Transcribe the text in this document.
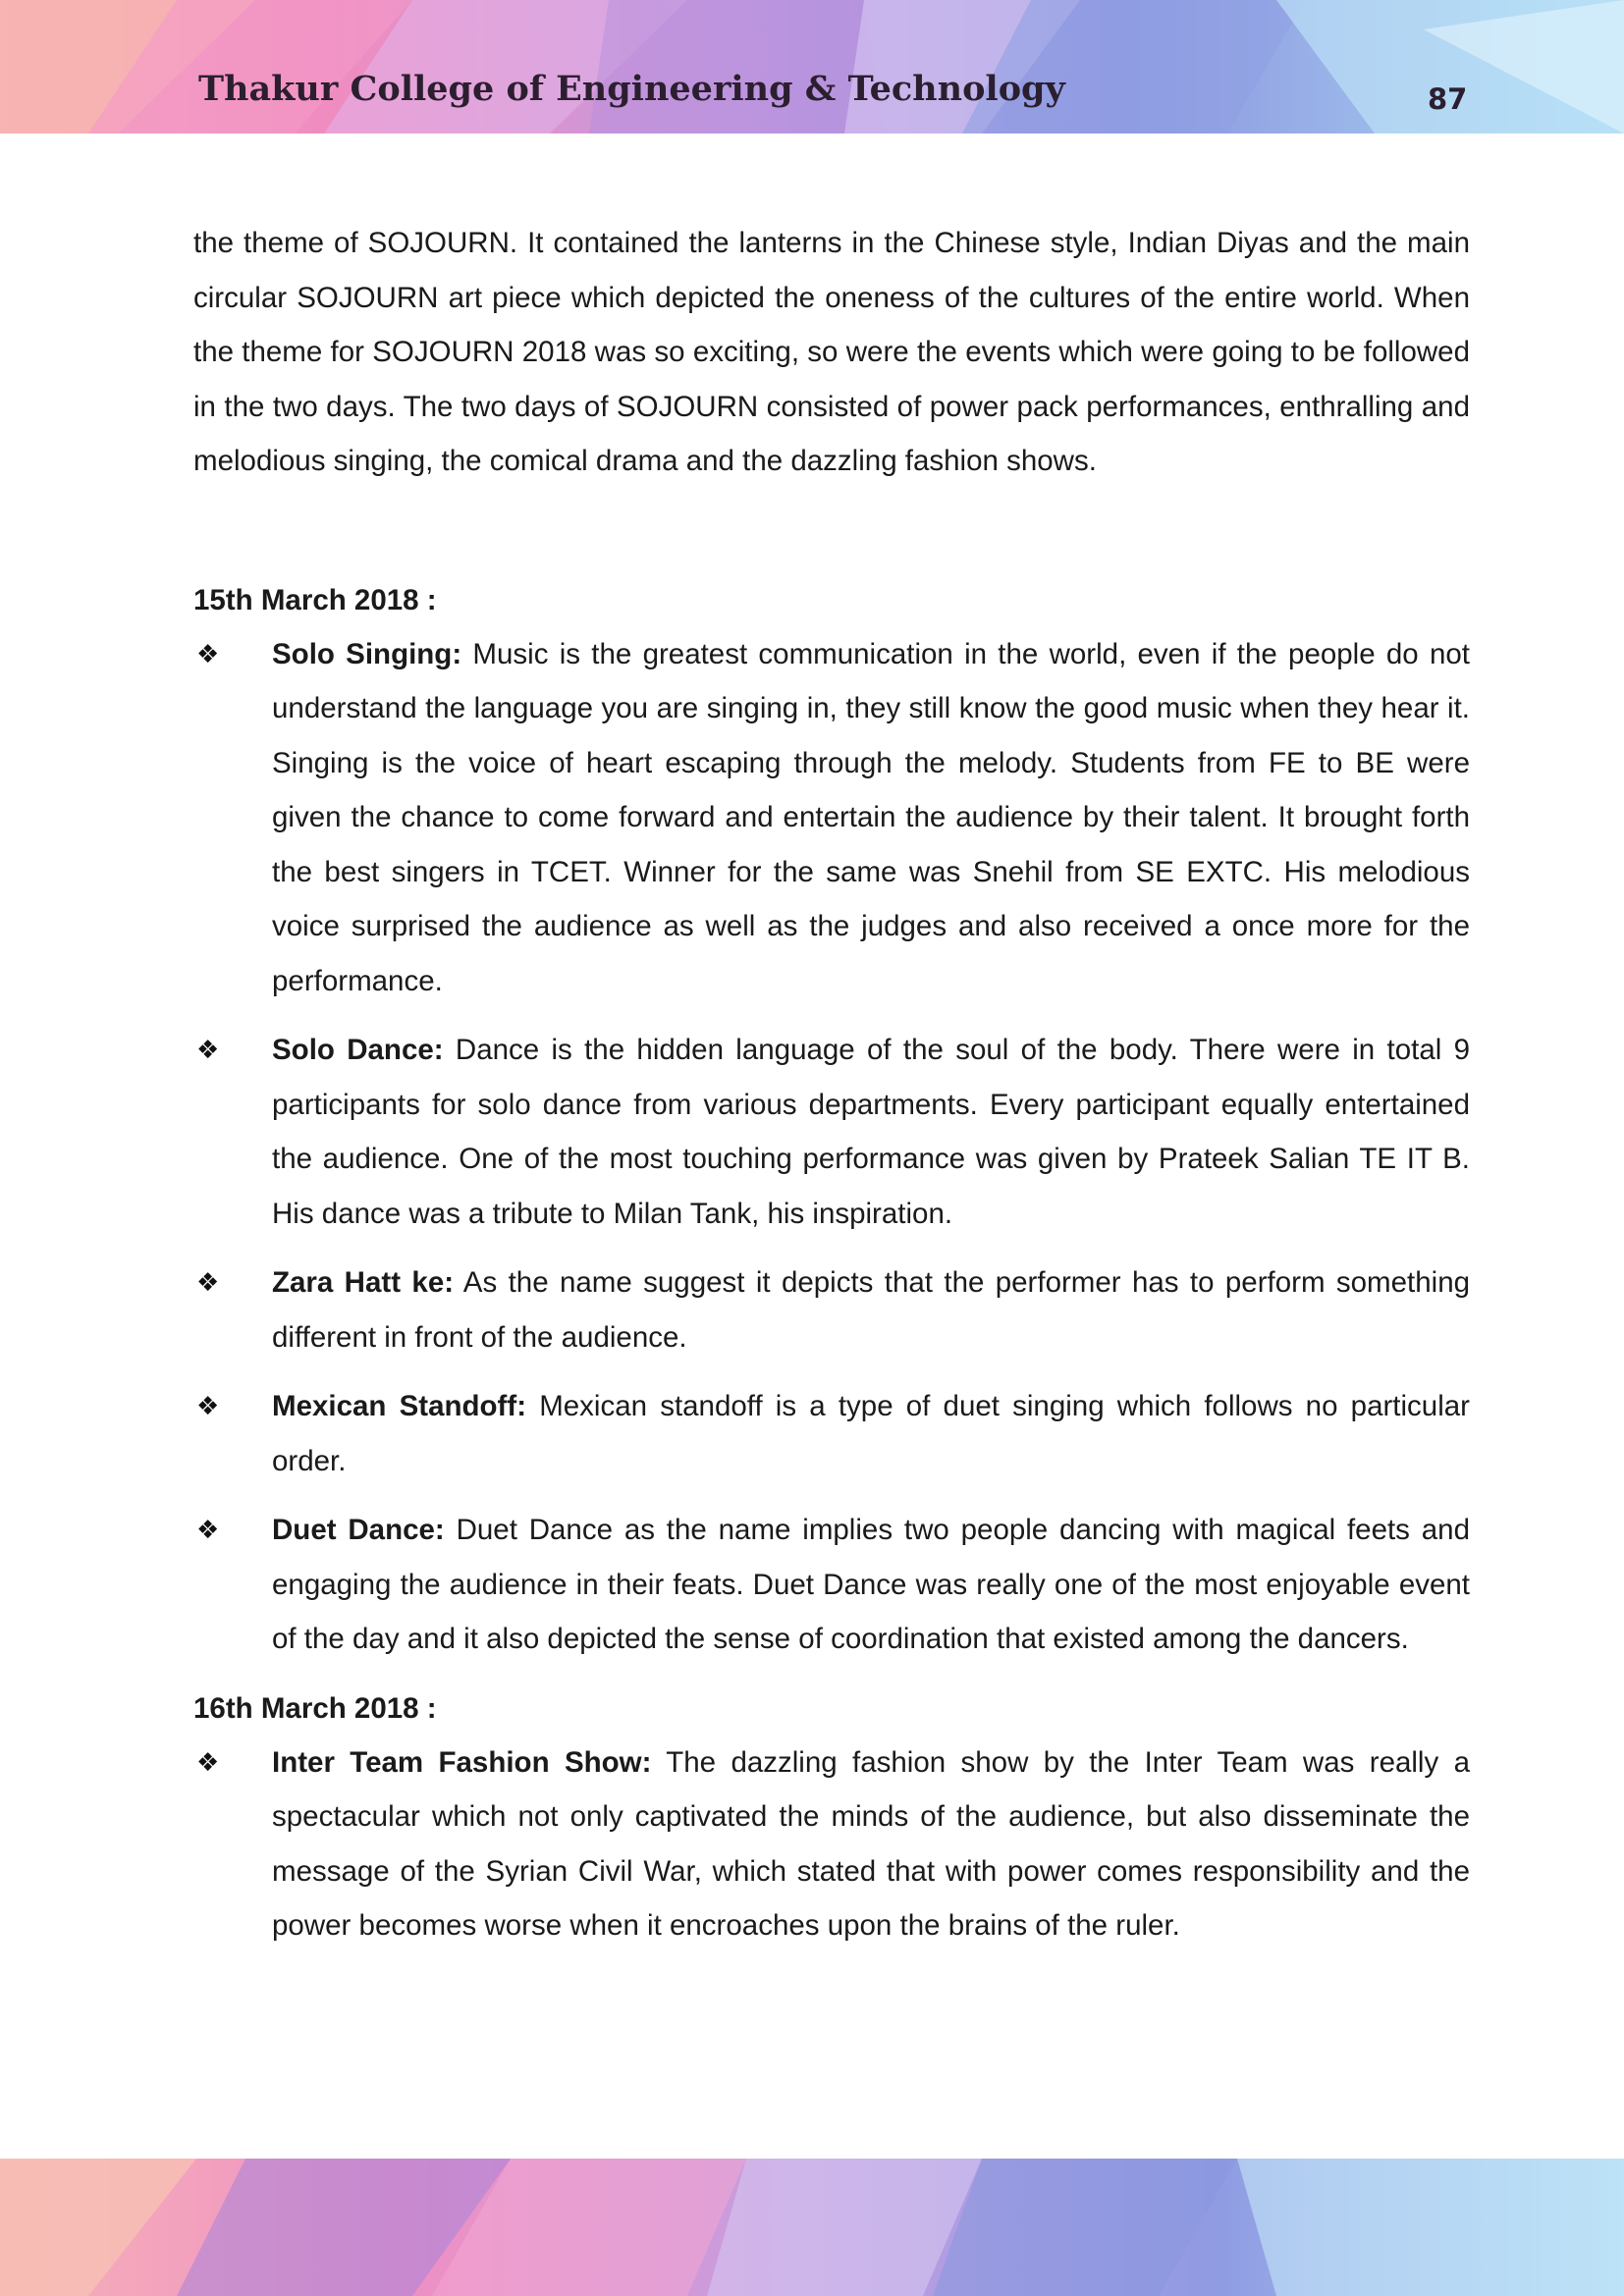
Thakur College of Engineering & Technology	87

the theme of SOJOURN. It contained the lanterns in the Chinese style, Indian Diyas and the main circular SOJOURN art piece which depicted the oneness of the cultures of the entire world. When the theme for SOJOURN 2018 was so exciting, so were the events which were going to be followed in the two days. The two days of SOJOURN consisted of power pack performances, enthralling and melodious singing, the comical drama and the dazzling fashion shows.

15th March 2018 :

❖ Solo Singing: Music is the greatest communication in the world, even if the people do not understand the language you are singing in, they still know the good music when they hear it. Singing is the voice of heart escaping through the melody. Students from FE to BE were given the chance to come forward and entertain the audience by their talent. It brought forth the best singers in TCET. Winner for the same was Snehil from SE EXTC. His melodious voice surprised the audience as well as the judges and also received a once more for the performance.
❖ Solo Dance: Dance is the hidden language of the soul of the body. There were in total 9 participants for solo dance from various departments. Every participant equally entertained the audience. One of the most touching performance was given by Prateek Salian TE IT B. His dance was a tribute to Milan Tank, his inspiration.
❖ Zara Hatt ke: As the name suggest it depicts that the performer has to perform something different in front of the audience.
❖ Mexican Standoff: Mexican standoff is a type of duet singing which follows no particular order.
❖ Duet Dance: Duet Dance as the name implies two people dancing with magical feets and engaging the audience in their feats. Duet Dance was really one of the most enjoyable event of the day and it also depicted the sense of coordination that existed among the dancers.

16th March 2018 :

❖ Inter Team Fashion Show: The dazzling fashion show by the Inter Team was really a spectacular which not only captivated the minds of the audience, but also disseminate the message of the Syrian Civil War, which stated that with power comes responsibility and the power becomes worse when it encroaches upon the brains of the ruler.
